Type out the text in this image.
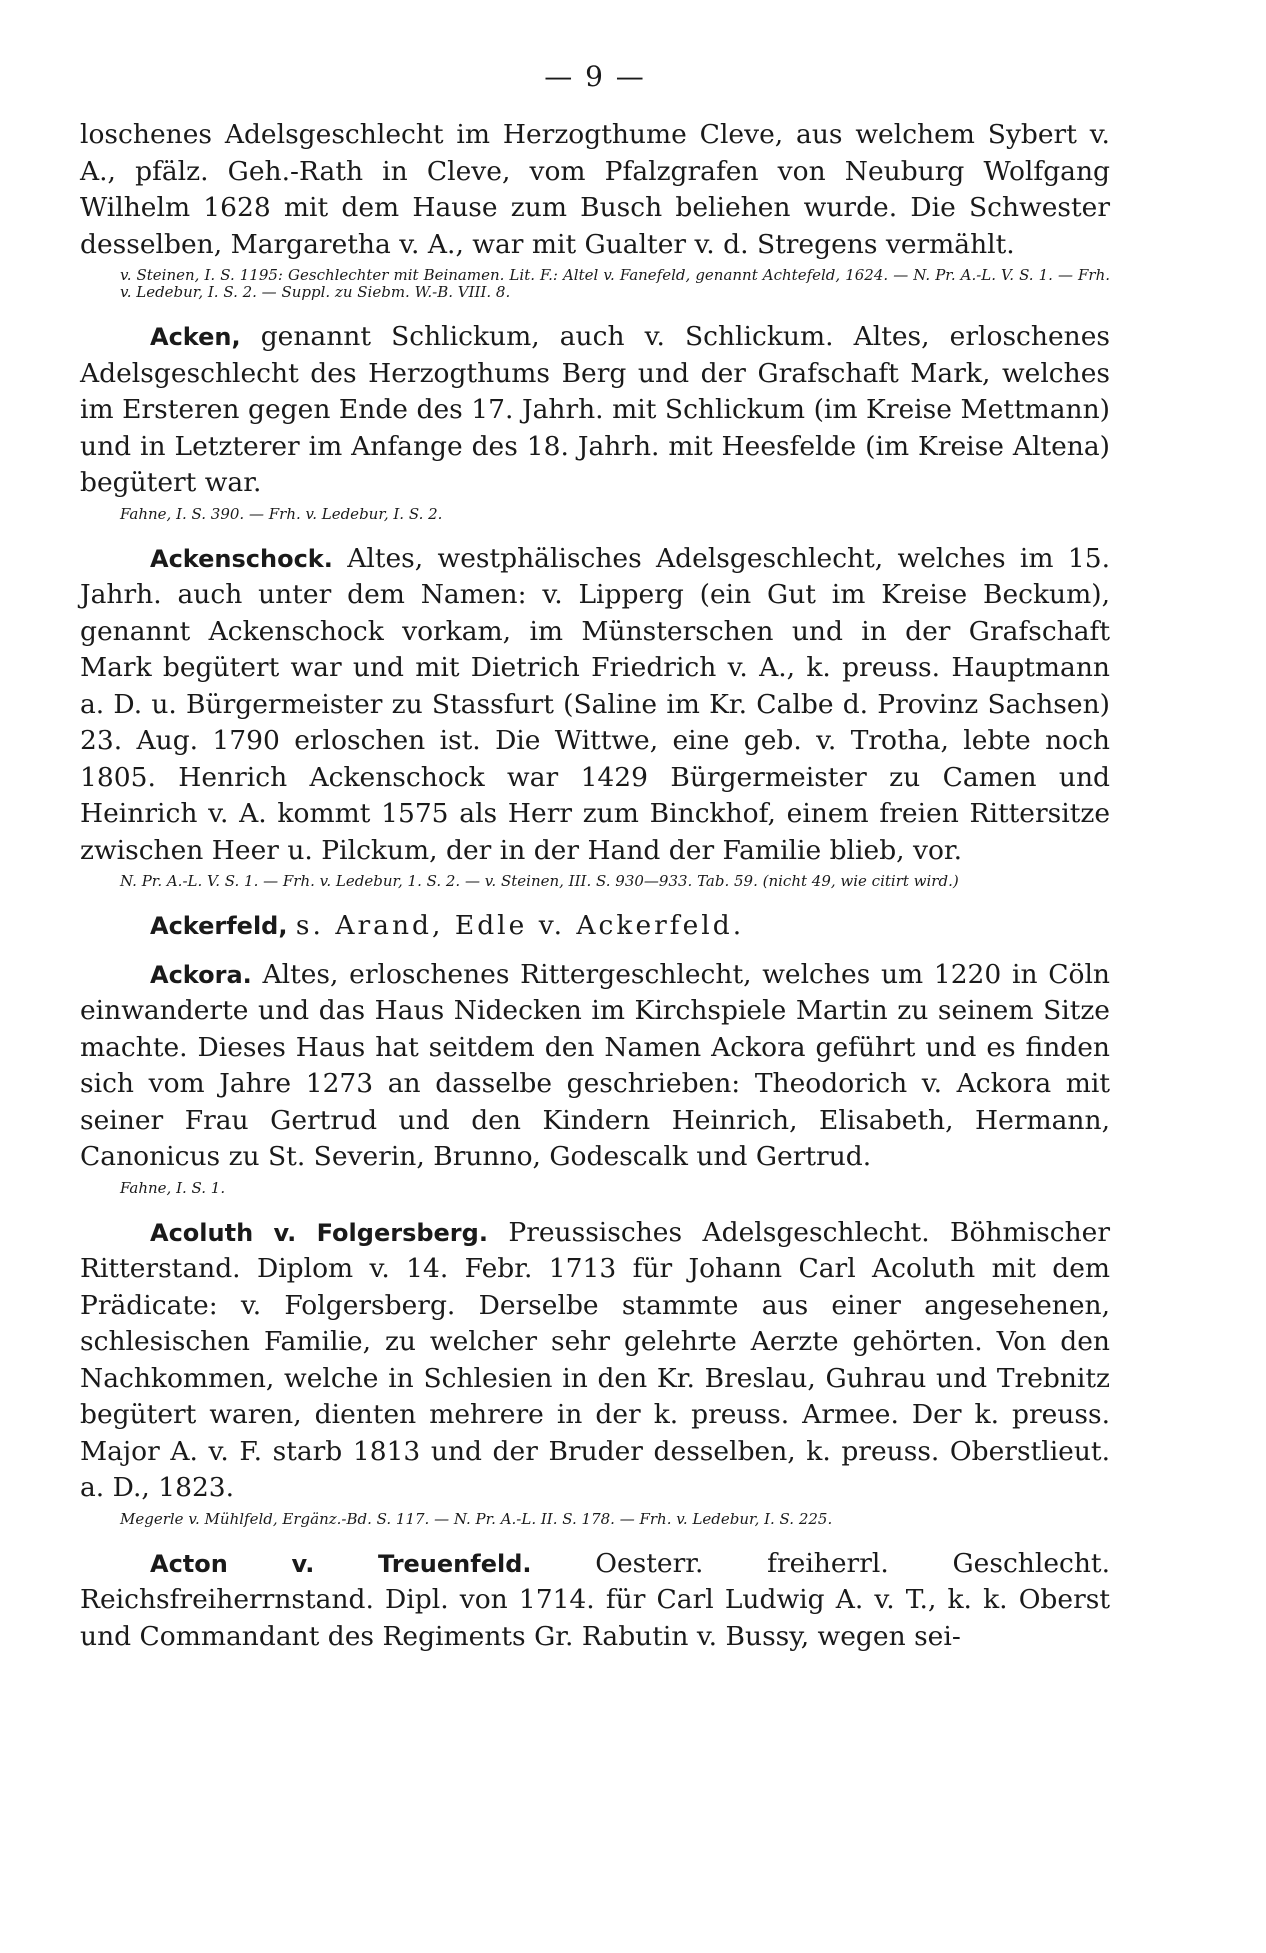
— 9 —

loschenes Adelsgeschlecht im Herzogthume Cleve, aus welchem Sybert v. A., pfälz. Geh.-Rath in Cleve, vom Pfalzgrafen von Neuburg Wolfgang Wilhelm 1628 mit dem Hause zum Busch beliehen wurde. Die Schwester desselben, Margaretha v. A., war mit Gualter v. d. Stregens vermählt.

v. Steinen, I. S. 1195: Geschlechter mit Beinamen. Lit. F.: Altel v. Fanefeld, genannt Achtefeld, 1624. — N. Pr. A.-L. V. S. 1. — Frh. v. Ledebur, I. S. 2. — Suppl. zu Siebm. W.-B. VIII. 8.

Acken, genannt Schlickum, auch v. Schlickum. Altes, erloschenes Adelsgeschlecht des Herzogthums Berg und der Grafschaft Mark, welches im Ersteren gegen Ende des 17. Jahrh. mit Schlickum (im Kreise Mettmann) und in Letzterer im Anfange des 18. Jahrh. mit Heesfelde (im Kreise Altena) begütert war.

Fahne, I. S. 390. — Frh. v. Ledebur, I. S. 2.

Ackenschock. Altes, westphälisches Adelsgeschlecht, welches im 15. Jahrh. auch unter dem Namen: v. Lipperg (ein Gut im Kreise Beckum), genannt Ackenschock vorkam, im Münsterschen und in der Grafschaft Mark begütert war und mit Dietrich Friedrich v. A., k. preuss. Hauptmann a. D. u. Bürgermeister zu Stassfurt (Saline im Kr. Calbe d. Provinz Sachsen) 23. Aug. 1790 erloschen ist. Die Wittwe, eine geb. v. Trotha, lebte noch 1805. Henrich Ackenschock war 1429 Bürgermeister zu Camen und Heinrich v. A. kommt 1575 als Herr zum Binckhof, einem freien Rittersitze zwischen Heer u. Pilckum, der in der Hand der Familie blieb, vor.

N. Pr. A.-L. V. S. 1. — Frh. v. Ledebur, 1. S. 2. — v. Steinen, III. S. 930—933. Tab. 59. (nicht 49, wie citirt wird.)

Ackerfeld, s. Arand, Edle v. Ackerfeld.

Ackora. Altes, erloschenes Rittergeschlecht, welches um 1220 in Cöln einwanderte und das Haus Nidecken im Kirchspiele Martin zu seinem Sitze machte. Dieses Haus hat seitdem den Namen Ackora geführt und es finden sich vom Jahre 1273 an dasselbe geschrieben: Theodorich v. Ackora mit seiner Frau Gertrud und den Kindern Heinrich, Elisabeth, Hermann, Canonicus zu St. Severin, Brunno, Godescalk und Gertrud.

Fahne, I. S. 1.

Acoluth v. Folgersberg. Preussisches Adelsgeschlecht. Böhmischer Ritterstand. Diplom v. 14. Febr. 1713 für Johann Carl Acoluth mit dem Prädicate: v. Folgersberg. Derselbe stammte aus einer angesehenen, schlesischen Familie, zu welcher sehr gelehrte Aerzte gehörten. Von den Nachkommen, welche in Schlesien in den Kr. Breslau, Guhrau und Trebnitz begütert waren, dienten mehrere in der k. preuss. Armee. Der k. preuss. Major A. v. F. starb 1813 und der Bruder desselben, k. preuss. Oberstlieut. a. D., 1823.

Megerle v. Mühlfeld, Ergänz.-Bd. S. 117. — N. Pr. A.-L. II. S. 178. — Frh. v. Ledebur, I. S. 225.

Acton v. Treuenfeld. Oesterr. freiherrl. Geschlecht. Reichsfreiherrnstand. Dipl. von 1714. für Carl Ludwig A. v. T., k. k. Oberst und Commandant des Regiments Gr. Rabutin v. Bussy, wegen sei-
